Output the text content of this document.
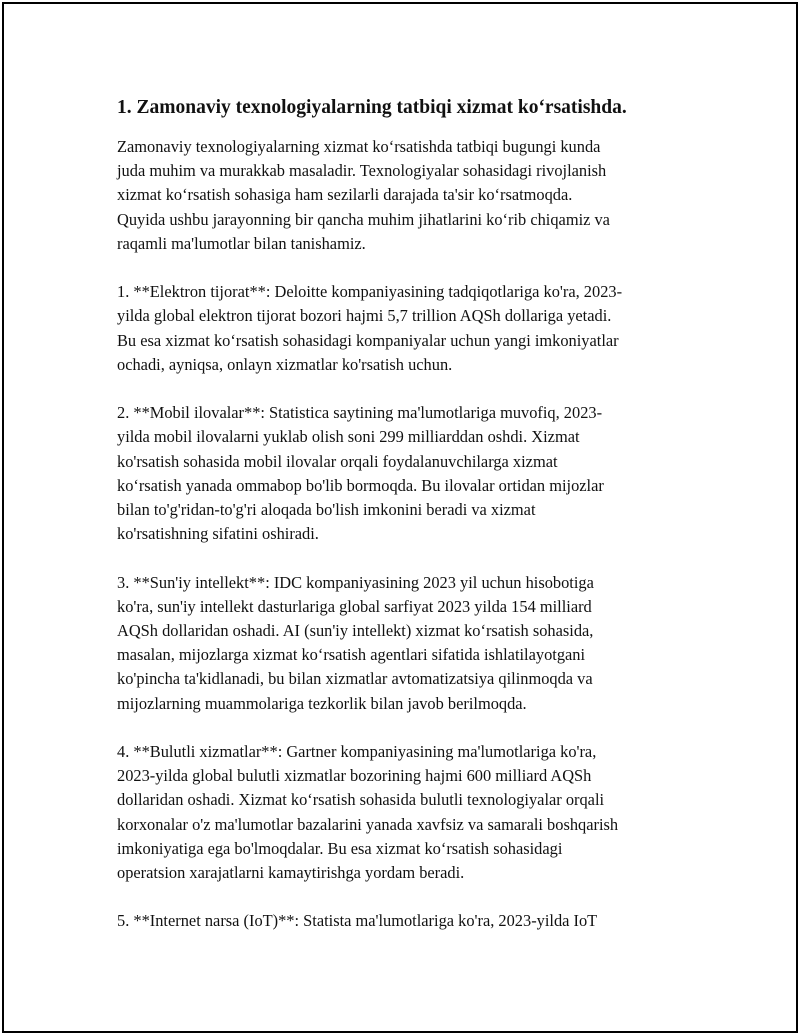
1. Zamonaviy texnologiyalarning tatbiqi xizmat koʻrsatishda.
Zamonaviy texnologiyalarning xizmat koʻrsatishda tatbiqi bugungi kunda
juda muhim va murakkab masaladir. Texnologiyalar sohasidagi rivojlanish
xizmat koʻrsatish sohasiga ham sezilarli darajada ta'sir koʻrsatmoqda.
Quyida ushbu jarayonning bir qancha muhim jihatlarini koʻrib chiqamiz va
raqamli ma'lumotlar bilan tanishamiz.
1. **Elektron tijorat**: Deloitte kompaniyasining tadqiqotlariga ko'ra, 2023-
yilda global elektron tijorat bozori hajmi 5,7 trillion AQSh dollariga yetadi.
Bu esa xizmat koʻrsatish sohasidagi kompaniyalar uchun yangi imkoniyatlar
ochadi, ayniqsa, onlayn xizmatlar ko'rsatish uchun.
2. **Mobil ilovalar**: Statistica saytining ma'lumotlariga muvofiq, 2023-
yilda mobil ilovalarni yuklab olish soni 299 milliarddan oshdi. Xizmat
ko'rsatish sohasida mobil ilovalar orqali foydalanuvchilarga xizmat
koʻrsatish yanada ommabop bo'lib bormoqda. Bu ilovalar ortidan mijozlar
bilan to'g'ridan-to'g'ri aloqada bo'lish imkonini beradi va xizmat
ko'rsatishning sifatini oshiradi.
3. **Sun'iy intellekt**: IDC kompaniyasining 2023 yil uchun hisobotiga
ko'ra, sun'iy intellekt dasturlariga global sarfiyat 2023 yilda 154 milliard
AQSh dollaridan oshadi. AI (sun'iy intellekt) xizmat koʻrsatish sohasida,
masalan, mijozlarga xizmat koʻrsatish agentlari sifatida ishlatilayotgani
ko'pincha ta'kidlanadi, bu bilan xizmatlar avtomatizatsiya qilinmoqda va
mijozlarning muammolariga tezkorlik bilan javob berilmoqda.
4. **Bulutli xizmatlar**: Gartner kompaniyasining ma'lumotlariga ko'ra,
2023-yilda global bulutli xizmatlar bozorining hajmi 600 milliard AQSh
dollaridan oshadi. Xizmat koʻrsatish sohasida bulutli texnologiyalar orqali
korxonalar o'z ma'lumotlar bazalarini yanada xavfsiz va samarali boshqarish
imkoniyatiga ega bo'lmoqdalar. Bu esa xizmat koʻrsatish sohasidagi
operatsion xarajatlarni kamaytirishga yordam beradi.
5. **Internet narsa (IoT)**: Statista ma'lumotlariga ko'ra, 2023-yilda IoT
